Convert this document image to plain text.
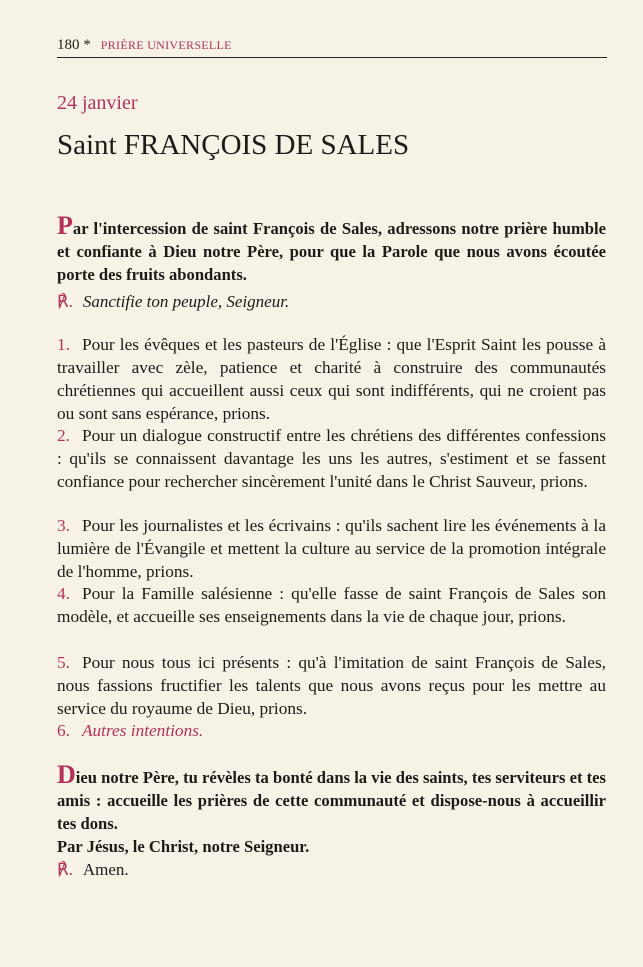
180 * PRIÈRE UNIVERSELLE
24 janvier
Saint FRANÇOIS DE SALES
Par l'intercession de saint François de Sales, adressons notre prière humble et confiante à Dieu notre Père, pour que la Parole que nous avons écoutée porte des fruits abondants.
℟. Sanctifie ton peuple, Seigneur.
1. Pour les évêques et les pasteurs de l'Église : que l'Esprit Saint les pousse à travailler avec zèle, patience et charité à construire des communautés chrétiennes qui accueillent aussi ceux qui sont indifférents, qui ne croient pas ou sont sans espérance, prions.
2. Pour un dialogue constructif entre les chrétiens des différentes confessions : qu'ils se connaissent davantage les uns les autres, s'estiment et se fassent confiance pour rechercher sincèrement l'unité dans le Christ Sauveur, prions.
3. Pour les journalistes et les écrivains : qu'ils sachent lire les événements à la lumière de l'Évangile et mettent la culture au service de la promotion intégrale de l'homme, prions.
4. Pour la Famille salésienne : qu'elle fasse de saint François de Sales son modèle, et accueille ses enseignements dans la vie de chaque jour, prions.
5. Pour nous tous ici présents : qu'à l'imitation de saint François de Sales, nous fassions fructifier les talents que nous avons reçus pour les mettre au service du royaume de Dieu, prions.
6. Autres intentions.
Dieu notre Père, tu révèles ta bonté dans la vie des saints, tes serviteurs et tes amis : accueille les prières de cette communauté et dispose-nous à accueillir tes dons.
Par Jésus, le Christ, notre Seigneur.
℟. Amen.
